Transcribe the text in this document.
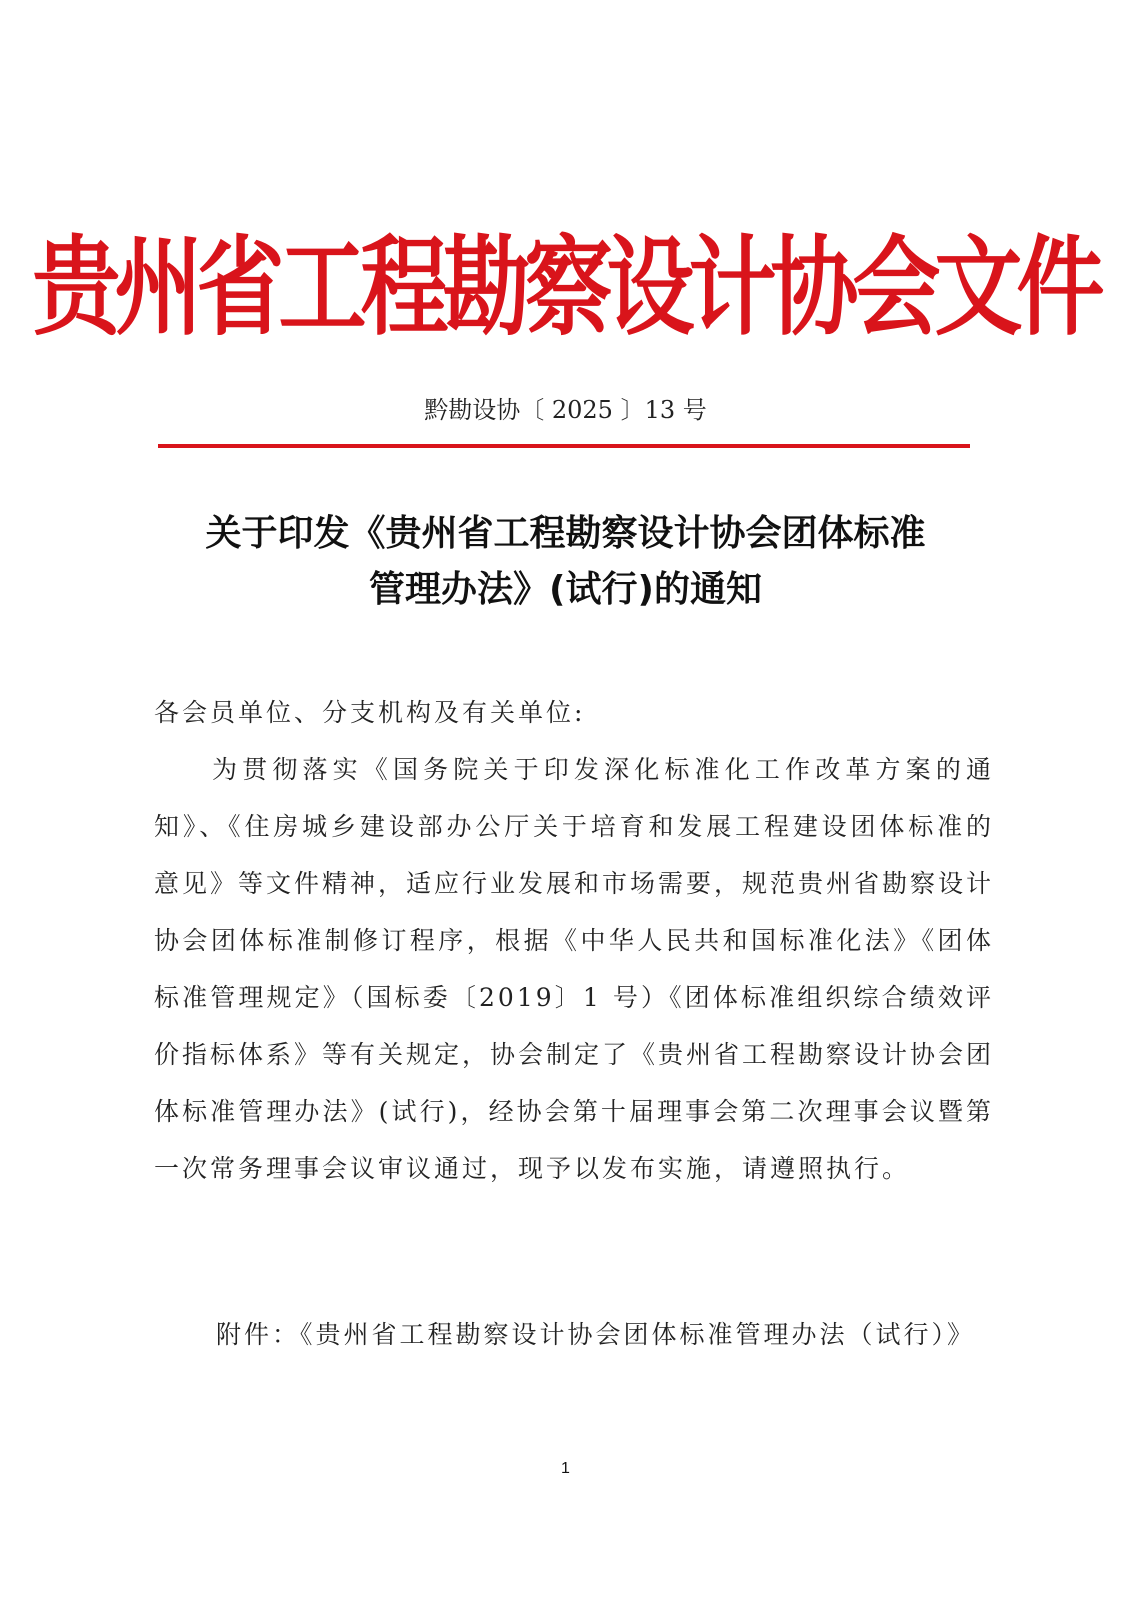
贵州省工程勘察设计协会文件
黔勘设协〔 2025 〕13 号
关于印发《贵州省工程勘察设计协会团体标准
管理办法》(试行)的通知

各会员单位、分支机构及有关单位:

为贯彻落实《国务院关于印发深化标准化工作改革方案的通知》、《住房城乡建设部办公厅关于培育和发展工程建设团体标准的意见》等文件精神，适应行业发展和市场需要，规范贵州省勘察设计协会团体标准制修订程序，根据《中华人民共和国标准化法》《团体标准管理规定》（国标委〔2019〕1 号）《团体标准组织综合绩效评价指标体系》等有关规定，协会制定了《贵州省工程勘察设计协会团体标准管理办法》(试行)，经协会第十届理事会第二次理事会议暨第一次常务理事会议审议通过，现予以发布实施，请遵照执行。

附件：《贵州省工程勘察设计协会团体标准管理办法（试行）》

1
